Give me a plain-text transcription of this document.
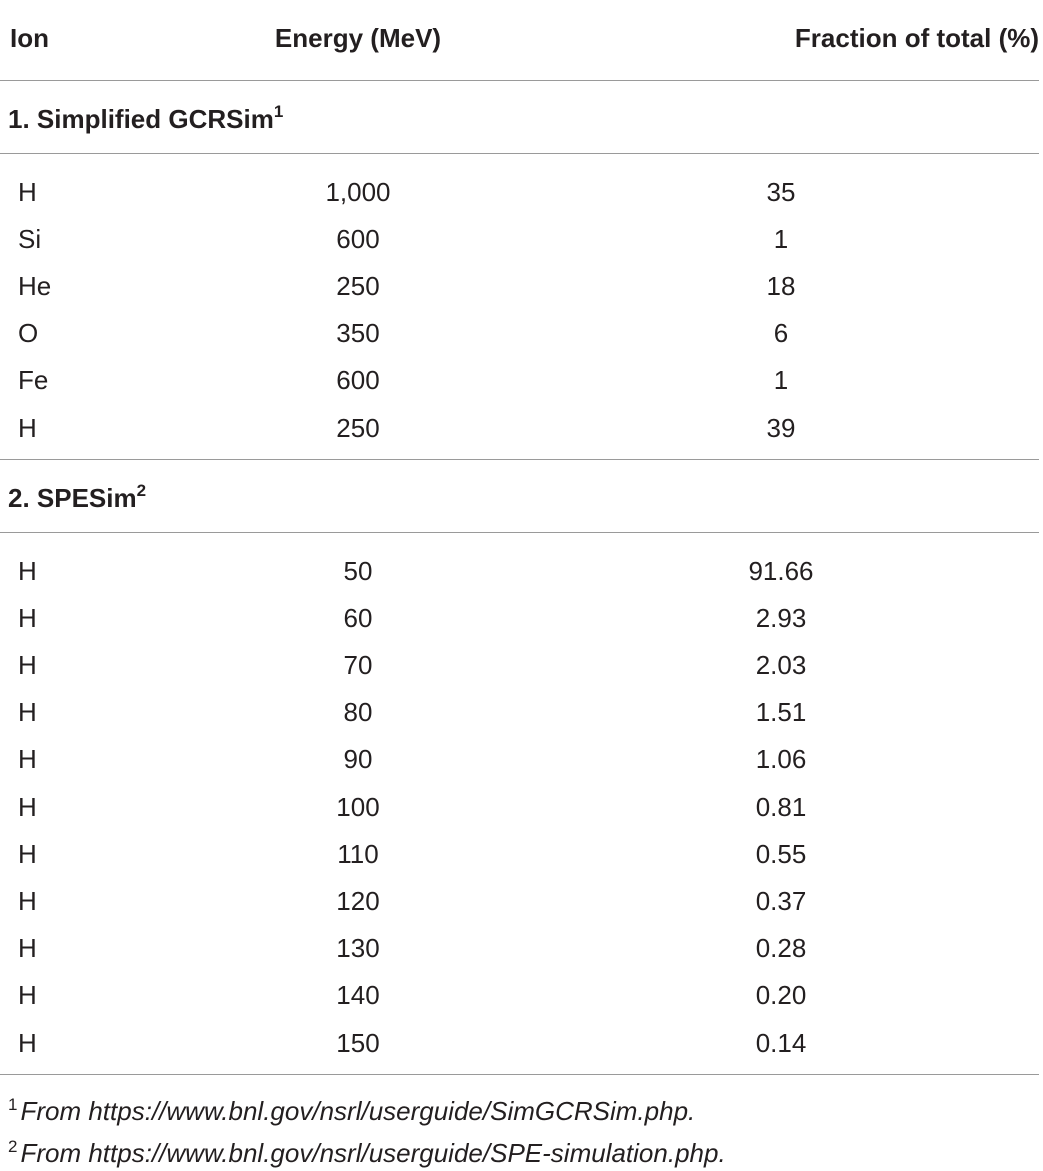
Ion	Energy (MeV)	Fraction of total (%)
1. Simplified GCRSim$^1$

H	1,000	35
Si	600	1
He	250	18
O	350	6
Fe	600	1
H	250	39

2. SPESim$^2$

H	50	91.66
H	60	2.93
H	70	2.03
H	80	1.51
H	90	1.06
H	100	0.81
H	110	0.55
H	120	0.37
H	130	0.28
H	140	0.20
H	150	0.14

$^1$ From https://www.bnl.gov/nsrl/userguide/SimGCRSim.php.
$^2$ From https://www.bnl.gov/nsrl/userguide/SPE-simulation.php.
